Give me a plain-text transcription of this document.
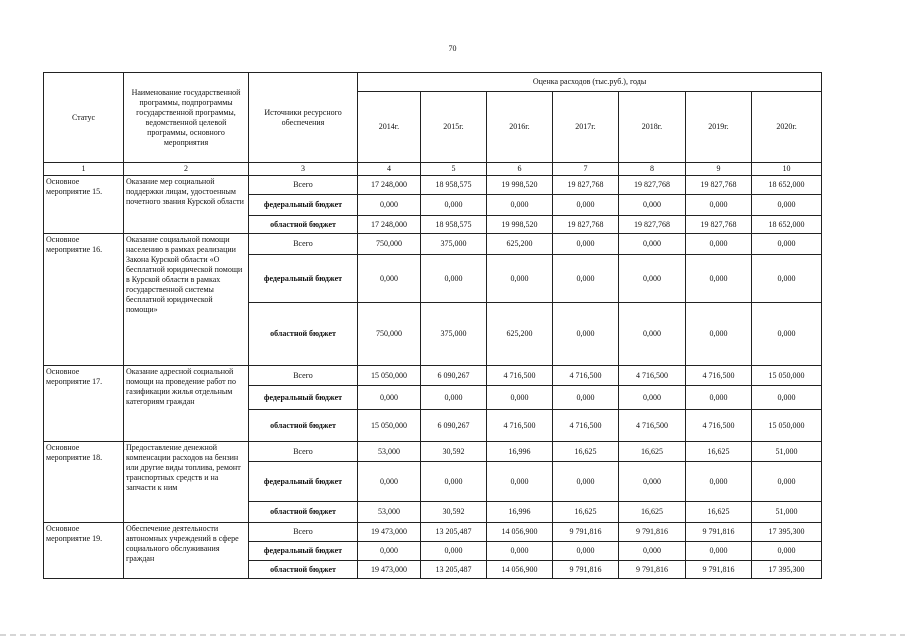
70
Статус	Наименование государственной программы, подпрограммы государственной программы, ведомственной целевой программы, основного мероприятия	Источники ресурсного обеспечения	Оценка расходов (тыс.руб.), годы						
			2014г.	2015г.	2016г.	2017г.	2018г.	2019г.	2020г.
1	2	3	4	5	6	7	8	9	10
Основное мероприятие 15.	Оказание мер социальной поддержки лицам, удостоенным почетного звания Курской области	Всего	17 248,000	18 958,575	19 998,520	19 827,768	19 827,768	19 827,768	18 652,000
		федеральный бюджет	0,000	0,000	0,000	0,000	0,000	0,000	0,000
		областной бюджет	17 248,000	18 958,575	19 998,520	19 827,768	19 827,768	19 827,768	18 652,000
Основное мероприятие 16.	Оказание социальной помощи населению в рамках реализации Закона Курской области «О бесплатной юридической помощи в Курской области в рамках государственной системы бесплатной юридической помощи»	Всего	750,000	375,000	625,200	0,000	0,000	0,000	0,000
		федеральный бюджет	0,000	0,000	0,000	0,000	0,000	0,000	0,000
		областной бюджет	750,000	375,000	625,200	0,000	0,000	0,000	0,000
Основное мероприятие 17.	Оказание адресной социальной помощи на проведение работ по газификации жилья отдельным категориям граждан	Всего	15 050,000	6 090,267	4 716,500	4 716,500	4 716,500	4 716,500	15 050,000
		федеральный бюджет	0,000	0,000	0,000	0,000	0,000	0,000	0,000
		областной бюджет	15 050,000	6 090,267	4 716,500	4 716,500	4 716,500	4 716,500	15 050,000
Основное мероприятие 18.	Предоставление денежной компенсации расходов на бензин или другие виды топлива, ремонт транспортных средств и на запчасти к ним	Всего	53,000	30,592	16,996	16,625	16,625	16,625	51,000
		федеральный бюджет	0,000	0,000	0,000	0,000	0,000	0,000	0,000
		областной бюджет	53,000	30,592	16,996	16,625	16,625	16,625	51,000
Основное мероприятие 19.	Обеспечение деятельности автономных учреждений в сфере социального обслуживания граждан	Всего	19 473,000	13 205,487	14 056,900	9 791,816	9 791,816	9 791,816	17 395,300
		федеральный бюджет	0,000	0,000	0,000	0,000	0,000	0,000	0,000
		областной бюджет	19 473,000	13 205,487	14 056,900	9 791,816	9 791,816	9 791,816	17 395,300
